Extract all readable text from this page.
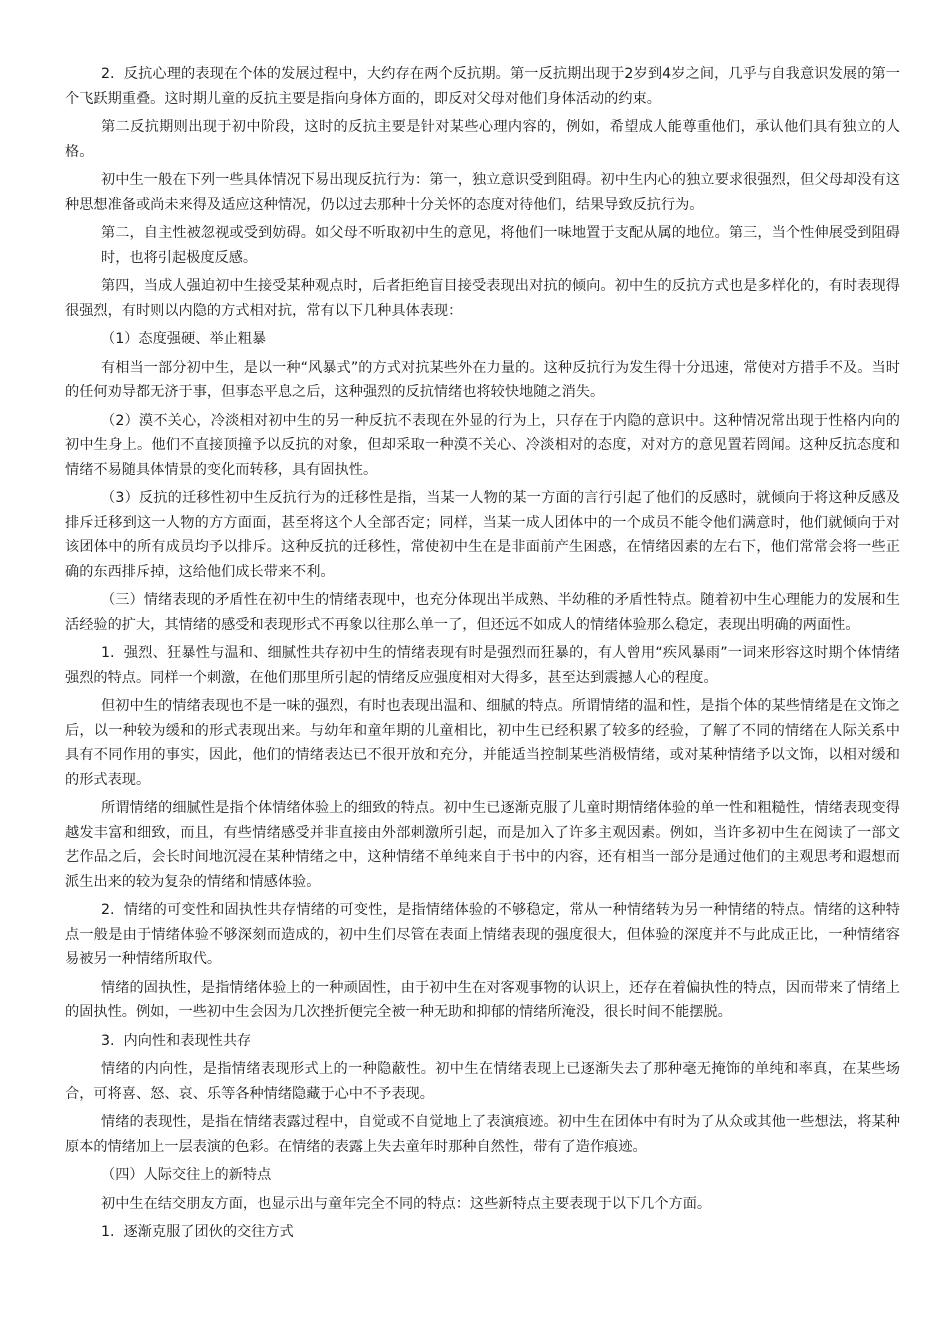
2.  反抗心理的表现在个体的发展过程中，大约存在两个反抗期。第一反抗期出现于2岁到4岁之间，几乎与自我意识发展的第一个飞跃期重叠。这时期儿童的反抗主要是指向身体方面的，即反对父母对他们身体活动的约束。

第二反抗期则出现于初中阶段，这时的反抗主要是针对某些心理内容的，例如，希望成人能尊重他们，承认他们具有独立的人格。

初中生一般在下列一些具体情况下易出现反抗行为：第一，独立意识受到阻碍。初中生内心的独立要求很强烈，但父母却没有这种思想准备或尚未来得及适应这种情况，仍以过去那种十分关怀的态度对待他们，结果导致反抗行为。

第二，自主性被忽视或受到妨碍。如父母不听取初中生的意见，将他们一味地置于支配从属的地位。第三，当个性伸展受到阻碍时，也将引起极度反感。

第四，当成人强迫初中生接受某种观点时，后者拒绝盲目接受表现出对抗的倾向。初中生的反抗方式也是多样化的，有时表现得很强烈，有时则以内隐的方式相对抗，常有以下几种具体表现：

（1）态度强硬、举止粗暴

有相当一部分初中生，是以一种“风暴式”的方式对抗某些外在力量的。这种反抗行为发生得十分迅速，常使对方措手不及。当时的任何劝导都无济于事，但事态平息之后，这种强烈的反抗情绪也将较快地随之消失。

（2）漠不关心，冷淡相对初中生的另一种反抗不表现在外显的行为上，只存在于内隐的意识中。这种情况常出现于性格内向的初中生身上。他们不直接顶撞予以反抗的对象，但却采取一种漠不关心、冷淡相对的态度，对对方的意见置若罔闻。这种反抗态度和情绪不易随具体情景的变化而转移，具有固执性。

（3）反抗的迁移性初中生反抗行为的迁移性是指，当某一人物的某一方面的言行引起了他们的反感时，就倾向于将这种反感及排斥迁移到这一人物的方方面面，甚至将这个人全部否定；同样，当某一成人团体中的一个成员不能令他们满意时，他们就倾向于对该团体中的所有成员均予以排斥。这种反抗的迁移性，常使初中生在是非面前产生困惑，在情绪因素的左右下，他们常常会将一些正确的东西排斥掉，这给他们成长带来不利。

（三）情绪表现的矛盾性在初中生的情绪表现中，也充分体现出半成熟、半幼稚的矛盾性特点。随着初中生心理能力的发展和生活经验的扩大，其情绪的感受和表现形式不再象以往那么单一了，但还远不如成人的情绪体验那么稳定，表现出明确的两面性。

1.  强烈、狂暴性与温和、细腻性共存初中生的情绪表现有时是强烈而狂暴的，有人曾用“疾风暴雨”一词来形容这时期个体情绪强烈的特点。同样一个刺激，在他们那里所引起的情绪反应强度相对大得多，甚至达到震撼人心的程度。

但初中生的情绪表现也不是一味的强烈，有时也表现出温和、细腻的特点。所谓情绪的温和性，是指个体的某些情绪是在文饰之后，以一种较为缓和的形式表现出来。与幼年和童年期的儿童相比，初中生已经积累了较多的经验，了解了不同的情绪在人际关系中具有不同作用的事实，因此，他们的情绪表达已不很开放和充分，并能适当控制某些消极情绪，或对某种情绪予以文饰，以相对缓和的形式表现。

所谓情绪的细腻性是指个体情绪体验上的细致的特点。初中生已逐渐克服了儿童时期情绪体验的单一性和粗糙性，情绪表现变得越发丰富和细致，而且，有些情绪感受并非直接由外部刺激所引起，而是加入了许多主观因素。例如，当许多初中生在阅读了一部文艺作品之后，会长时间地沉浸在某种情绪之中，这种情绪不单纯来自于书中的内容，还有相当一部分是通过他们的主观思考和遐想而派生出来的较为复杂的情绪和情感体验。

2.  情绪的可变性和固执性共存情绪的可变性，是指情绪体验的不够稳定，常从一种情绪转为另一种情绪的特点。情绪的这种特点一般是由于情绪体验不够深刻而造成的，初中生们尽管在表面上情绪表现的强度很大，但体验的深度并不与此成正比，一种情绪容易被另一种情绪所取代。

情绪的固执性，是指情绪体验上的一种顽固性，由于初中生在对客观事物的认识上，还存在着偏执性的特点，因而带来了情绪上的固执性。例如，一些初中生会因为几次挫折便完全被一种无助和抑郁的情绪所淹没，很长时间不能摆脱。

3.  内向性和表现性共存

情绪的内向性，是指情绪表现形式上的一种隐蔽性。初中生在情绪表现上已逐渐失去了那种毫无掩饰的单纯和率真，在某些场合，可将喜、怒、哀、乐等各种情绪隐藏于心中不予表现。

情绪的表现性，是指在情绪表露过程中，自觉或不自觉地上了表演痕迹。初中生在团体中有时为了从众或其他一些想法，将某种原本的情绪加上一层表演的色彩。在情绪的表露上失去童年时那种自然性，带有了造作痕迹。

（四）人际交往上的新特点

初中生在结交朋友方面，也显示出与童年完全不同的特点：这些新特点主要表现于以下几个方面。

1.  逐渐克服了团伙的交往方式
